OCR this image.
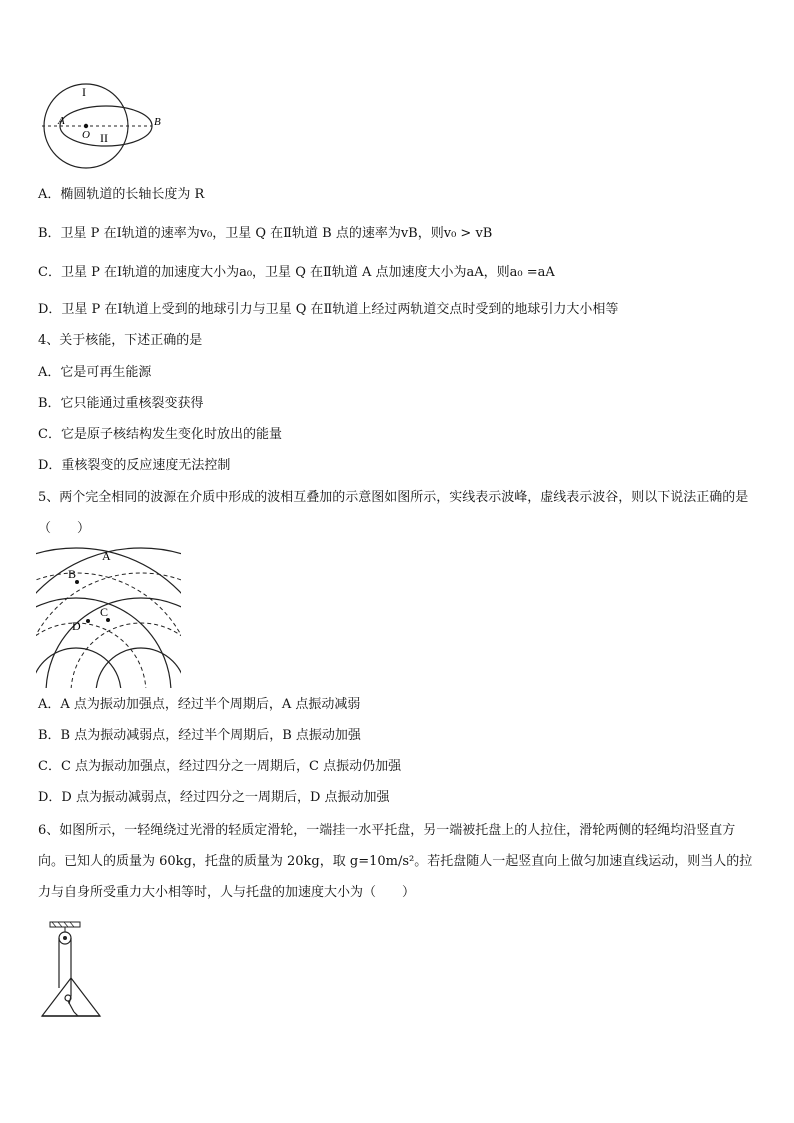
I
A
O II
B
A．椭圆轨道的长轴长度为 R
B．卫星 P 在Ⅰ轨道的速率为v₀，卫星 Q 在Ⅱ轨道 B 点的速率为vB，则v₀ > vB
C．卫星 P 在Ⅰ轨道的加速度大小为a₀，卫星 Q 在Ⅱ轨道 A 点加速度大小为aA，则a₀ =aA
D．卫星 P 在Ⅰ轨道上受到的地球引力与卫星 Q 在Ⅱ轨道上经过两轨道交点时受到的地球引力大小相等
4、关于核能，下述正确的是
A．它是可再生能源
B．它只能通过重核裂变获得
C．它是原子核结构发生变化时放出的能量
D．重核裂变的反应速度无法控制
5、两个完全相同的波源在介质中形成的波相互叠加的示意图如图所示，实线表示波峰，虚线表示波谷，则以下说法正确的是（　　）
A
B
C
D
A．A 点为振动加强点，经过半个周期后，A 点振动减弱
B．B 点为振动减弱点，经过半个周期后，B 点振动加强
C．C 点为振动加强点，经过四分之一周期后，C 点振动仍加强
D．D 点为振动减弱点，经过四分之一周期后，D 点振动加强
6、如图所示，一轻绳绕过光滑的轻质定滑轮，一端挂一水平托盘，另一端被托盘上的人拉住，滑轮两侧的轻绳均沿竖直方向。已知人的质量为 60kg，托盘的质量为 20kg，取 g=10m/s²。若托盘随人一起竖直向上做匀加速直线运动，则当人的拉力与自身所受重力大小相等时，人与托盘的加速度大小为（　　）
